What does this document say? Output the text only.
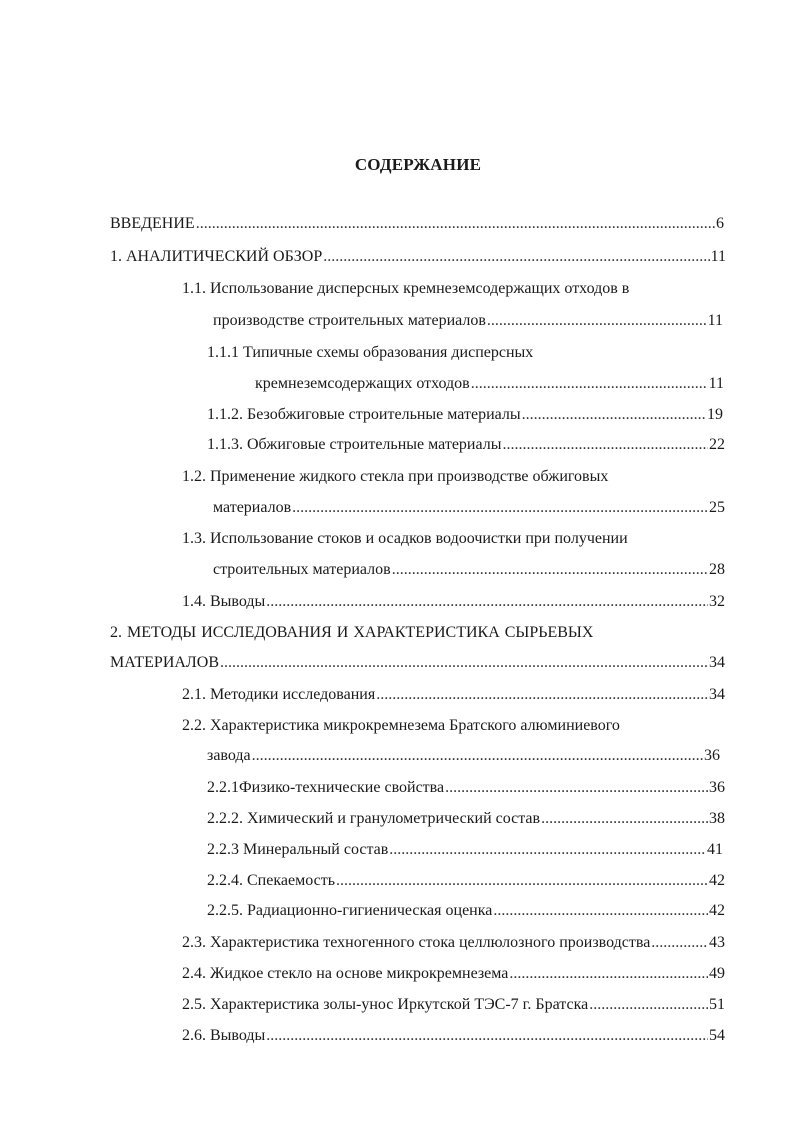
СОДЕРЖАНИЕ
ВВЕДЕНИЕ .....	6
1. АНАЛИТИЧЕСКИЙ ОБЗОР .....	11
1.1. Использование дисперсных кремнеземсодержащих отходов в
производстве строительных материалов .....	11
1.1.1 Типичные схемы образования дисперсных
кремнеземсодержащих отходов .....	11
1.1.2. Безобжиговые строительные материалы .....	19
1.1.3. Обжиговые строительные материалы .....	22
1.2. Применение жидкого стекла при производстве обжиговых
материалов .....	25
1.3. Использование стоков и осадков водоочистки при получении
строительных материалов .....	28
1.4. Выводы .....	32
2. МЕТОДЫ ИССЛЕДОВАНИЯ И ХАРАКТЕРИСТИКА СЫРЬЕВЫХ
МАТЕРИАЛОВ .....	34
2.1. Методики исследования .....	34
2.2. Характеристика микрокремнезема Братского алюминиевого
завода .....	36
2.2.1Физико-технические свойства .....	36
2.2.2. Химический и гранулометрический состав .....	38
2.2.3 Минеральный состав .....	41
2.2.4. Спекаемость .....	42
2.2.5. Радиационно-гигиеническая оценка .....	42
2.3. Характеристика техногенного стока целлюлозного производства .....	43
2.4. Жидкое стекло на основе микрокремнезема .....	49
2.5. Характеристика золы-унос Иркутской ТЭС-7 г. Братска .....	51
2.6. Выводы .....	54
